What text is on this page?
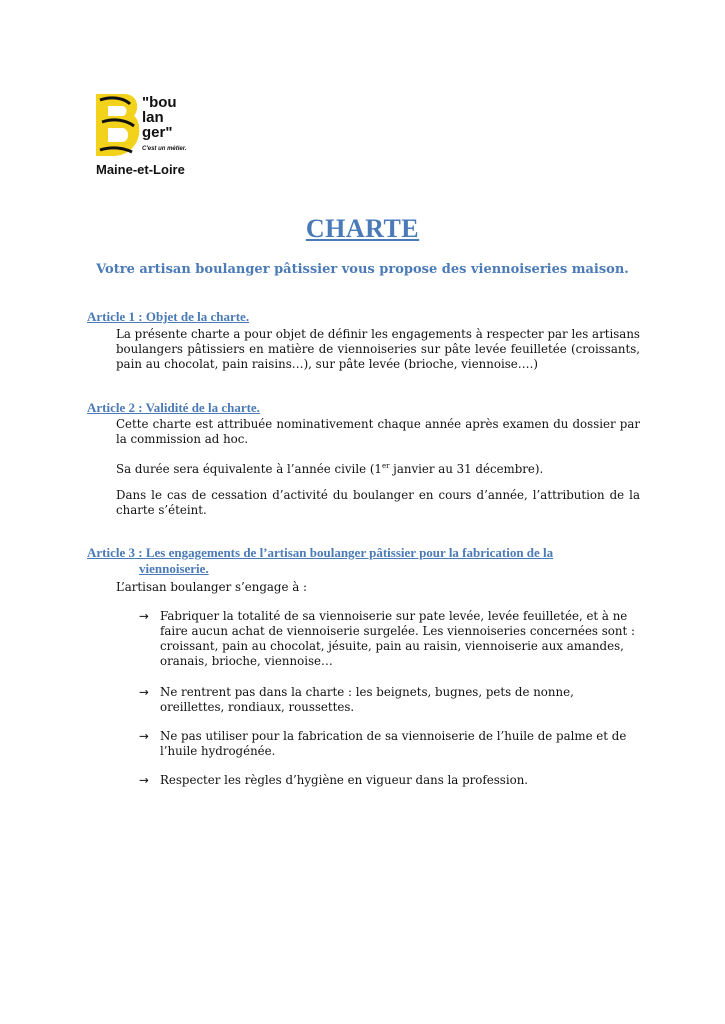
"bou
lan
ger"
C'est un métier.
Maine-et-Loire
CHARTE
Votre artisan boulanger pâtissier vous propose des viennoiseries maison.
Article 1 : Objet de la charte.
La présente charte a pour objet de définir les engagements à respecter par les artisans boulangers pâtissiers en matière de viennoiseries sur pâte levée feuilletée (croissants, pain au chocolat, pain raisins…), sur pâte levée (brioche, viennoise….)
Article 2 : Validité de la charte.
Cette charte est attribuée nominativement chaque année après examen du dossier par la commission ad hoc.
Sa durée sera équivalente à l’année civile (1er janvier au 31 décembre).
Dans le cas de cessation d’activité du boulanger en cours d’année, l’attribution de la charte s’éteint.
Article 3 : Les engagements de l’artisan boulanger pâtissier pour la fabrication de la
viennoiserie.
L’artisan boulanger s’engage à :
→ Fabriquer la totalité de sa viennoiserie sur pate levée, levée feuilletée, et à ne faire aucun achat de viennoiserie surgelée. Les viennoiseries concernées sont : croissant, pain au chocolat, jésuite, pain au raisin, viennoiserie aux amandes, oranais, brioche, viennoise…
→ Ne rentrent pas dans la charte : les beignets, bugnes, pets de nonne, oreillettes, rondiaux, roussettes.
→ Ne pas utiliser pour la fabrication de sa viennoiserie de l’huile de palme et de l’huile hydrogénée.
→ Respecter les règles d’hygiène en vigueur dans la profession.
